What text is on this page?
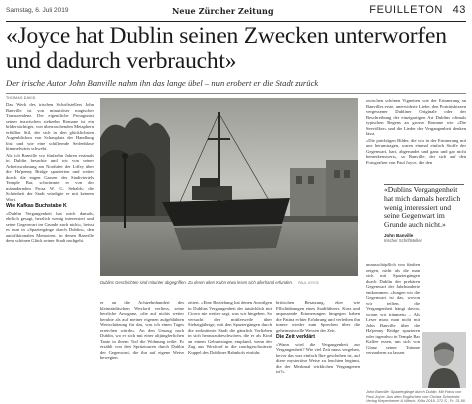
Samstag, 6. Juli 2019	Neue Zürcher Zeitung	FEUILLETON 43
«Joyce hat Dublin seinen Zwecken unterworfen
und dadurch verbraucht»
Der irische Autor John Banville nahm ihn das lange übel – nun erobert er die Stadt zurück
THOMAS DAVID

Das Werk des irischen Schriftstellers John Banville ist von minutiöser magischer Transzendenz. Der eigentliche Protagonist seiner inzwischen siebzehn Romane ist ein bildersüchtiger, von überraschenden Metaphern erfüllter Stil, der sich in den glücklichsten Augenblicken von Schauplatz der Handlung löst und wie eine schillernde Seifenblase himmelwärts schwebt.

Als ich Banville vor fünfzehn Jahren erstmals in Dublin besuchte und wir von seiner Arbeitswohnung am Nordufer der Liffey über die Ha'penny Bridge spazierten und weiter durch die engen Gassen des Stadtviertels Temple Bar, schwärmte er von der mäandernden Prosa W. G. Sebalds; die Schönheit der Stadt würdigte er mit keinem Wort.

Wie Kafkas Buchstabe K

«Dublin Vergangenheit hat mich damals, ehrlich gesagt, herzlich wenig interessiert und seine Gegenwart im Grunde auch nicht», heisst es nun in «Spaziergänge durch Dublin», den autofiktionalen Memoiren, in denen Banville dem schönen Glück seiner Stadt nachgeht.

Dublins Geschichten sind mitunter abgegriffen. Zu deren alten Kuhn etwa lesen sich allerhand erfunden. PAUL JOYCE

er an die Achtzehnhundert des kleinstädtischen Wexford verliess, seine herrliche Arroganz, «die auf nichts weiter beruhte als auf meiner eigenen aufgeblähten Wertschätzung für das, was ich einen Tages erreichen würde». An den Umzug nach Dublin, wo er sich mit einer altjüngferlichen Tante in ihrem Tod die Wohnung teilte. Er erzählt von den Spritztouren durch Dublin der Gegenwart, die ihn auf eigene Weise bewegten.

zitiert. «Eine Beziehung hat denen Anwälgen in Dublins Vergangenheit der tatsächlich mit Cicero nie weiter sagt, was wir hingeben. So versucht der mittlerweile über Siebzigjährige, mit den Spaziergängen durch die zerknitterte Stadt die gänzlich Vorlieben in sich herauszubeschwören, die er als Kind an einem Geburtstagen empfand, wenn der Zug aus Wexford in die rauchgeschwärzte Kuppel des Dubliner Bahnhofs einfuhr.

britischen Besatzung, eher wie Pflichtübungen eines Stadtführers. Kurz und unpassende Erinnerungen hingegen haben die Patina echter Erfahrung und verleihen ihn innere wieder zum Sprechen über die geheimnisvolle Wessen der Zeit.

Die Zeit verklärt

«Wann wird die Vergangenheit zur Vergangenheit? Wie viel Zeit muss vergehen, bevor das was einfach Ihre geschehen ist, auf diese mysteriöse Weise zu leuchten beginnt, die der Merkmal wirklichen Vergangenen ist?»

zwischen schönen Vignetten wie der Erinnerung an Banvilles erste, unerwiderte Liebe, den Porträtskizzen vergessener Dubliner Originale oder der Beschreibung der einzigartigen Art Dublins oftmals typischen Regens an grosse Romane wie «Die Seevölker» und die Lieder der Vergangenheit denken lässt.

«Die prächtigen Bilder, die wir in der Erinnerung mit uns herumtragen, waren einmal einfach Stoffe der Gegenwart, hart, abgerundet und ganz und gar nicht bemerkenswert», so Banville, der sich auf den Fotografien von Paul Joyce, die den

«Dublins Vergangenheit hat mich damals herzlich wenig interessiert und seine Gegenwart im Grunde auch nicht.»
John Banville
Irischer Schriftsteller

unausschöpflich von fünften zeigen, nicht als die man sich mit Spaziergängen durch Dublin der prekären Gegenwart der Jahrhunderte entkommen. «Jungen wir die Gegenwart ist das, wovon wir teilten, die Vergangenheit hängt davon, woran wir träumen» – Als Leser muss man nicht mit John Banville über die Ha'penny Bridge spazieren oder irgendwo in Temple Bar Kaffee essen, um sich von Glanz seiner Träume verzaubern zu lassen.

John Banville: Spaziergänge durch Dublin. Mit Fotos von Paul Joyce. Aus dem Englischen von Christa Schuenke. Verlag Kiepenheuer & Witsch, Köln 2019. 272 S., Fr. 31.90.
